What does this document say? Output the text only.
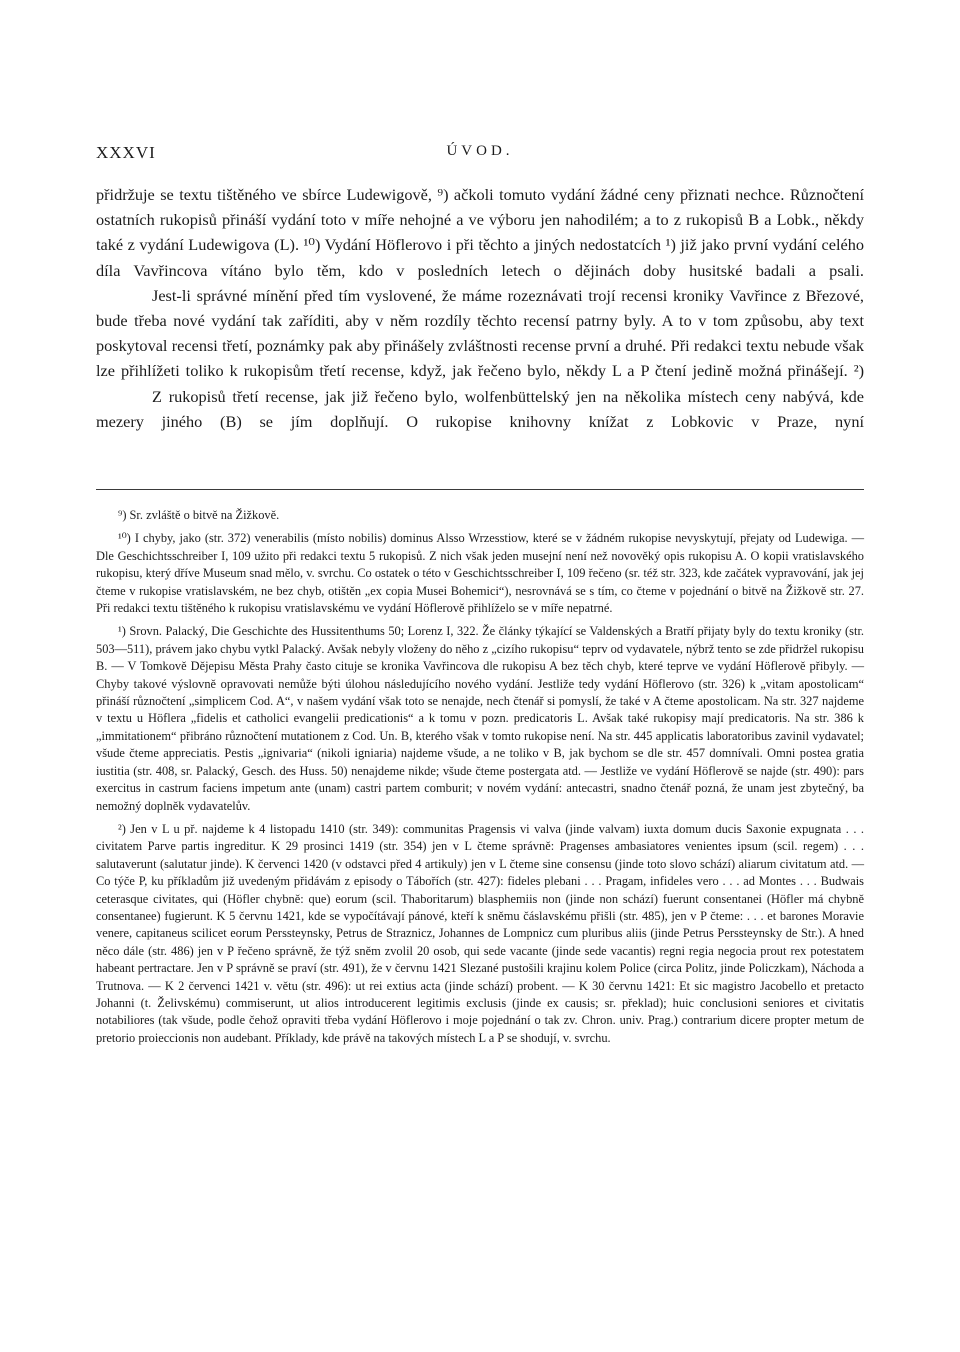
XXXVI	ÚVOD.

přidržuje se textu tištěného ve sbírce Ludewigově, ⁹) ačkoli tomuto vydání žádné ceny přiznati nechce. Různočtení ostatních rukopisů přináší vydání toto v míře nehojné a ve výboru jen nahodilém; a to z rukopisů B a Lobk., někdy také z vydání Ludewigova (L). ¹⁰) Vydání Höflerovo i při těchto a jiných nedostatcích ¹) již jako první vydání celého díla Vavřincova vítáno bylo těm, kdo v posledních letech o dějinách doby husitské badali a psali.

Jest-li správné mínění před tím vyslovené, že máme rozeznávati trojí recensi kroniky Vavřince z Březové, bude třeba nové vydání tak zaříditi, aby v něm rozdíly těchto recensí patrny byly. A to v tom způsobu, aby text poskytoval recensi třetí, poznámky pak aby přinášely zvláštnosti recense první a druhé. Při redakci textu nebude však lze přihlížeti toliko k rukopisům třetí recense, když, jak řečeno bylo, někdy L a P čtení jedině možná přinášejí. ²)

Z rukopisů třetí recense, jak již řečeno bylo, wolfenbüttelský jen na několika místech ceny nabývá, kde mezery jiného (B) se jím doplňují. O rukopise knihovny knížat z Lobkovic v Praze, nyní

⁹) Sr. zvláště o bitvě na Žižkově.

¹⁰) I chyby, jako (str. 372) venerabilis (místo nobilis) dominus Alsso Wrzesstiow, které se v žádném rukopise nevyskytují, přejaty od Ludewiga. — Dle Geschichtsschreiber I, 109 užito při redakci textu 5 rukopisů. Z nich však jeden musejní není než novověký opis rukopisu A. O kopii vratislavského rukopisu, který dříve Museum snad mělo, v. svrchu. Co ostatek o této v Geschichtsschreiber I, 109 řečeno (sr. též str. 323, kde začátek vypravování, jak jej čteme v rukopise vratislavském, ne bez chyb, otištěn „ex copia Musei Bohemici“), nesrovnává se s tím, co čteme v pojednání o bitvě na Žižkově str. 27. Při redakci textu tištěného k rukopisu vratislavskému ve vydání Höflerově přihlíželo se v míře nepatrné.

¹) Srovn. Palacký, Die Geschichte des Hussitenthums 50; Lorenz I, 322. Že články týkající se Valdenských a Bratří přijaty byly do textu kroniky (str. 503—511), právem jako chybu vytkl Palacký. Avšak nebyly vloženy do něho z „cizího rukopisu“ teprv od vydavatele, nýbrž tento se zde přidržel rukopisu B. — V Tomkově Dějepisu Města Prahy často cituje se kronika Vavřincova dle rukopisu A bez těch chyb, které teprve ve vydání Höflerově přibyly. — Chyby takové výslovně opravovati nemůže býti úlohou následujícího nového vydání. Jestliže tedy vydání Höflerovo (str. 326) k „vitam apostolicam“ přináší různočtení „simplicem Cod. A“, v našem vydání však toto se nenajde, nech čtenář si pomyslí, že také v A čteme apostolicam. Na str. 327 najdeme v textu u Höflera „fidelis et catholici evangelii predicationis“ a k tomu v pozn. predicatoris L. Avšak také rukopisy mají predicatoris. Na str. 386 k „immitationem“ přibráno různočtení mutationem z Cod. Un. B, kterého však v tomto rukopise není. Na str. 445 applicatis laboratoribus zavinil vydavatel; všude čteme appreciatis. Pestis „ignivaria“ (nikoli igniaria) najdeme všude, a ne toliko v B, jak bychom se dle str. 457 domnívali. Omni postea gratia iustitia (str. 408, sr. Palacký, Gesch. des Huss. 50) nenajdeme nikde; všude čteme postergata atd. — Jestliže ve vydání Höflerově se najde (str. 490): pars exercitus in castrum faciens impetum ante (unam) castri partem comburit; v novém vydání: antecastri, snadno čtenář pozná, že unam jest zbytečný, ba nemožný doplněk vydavatelův.

²) Jen v L u př. najdeme k 4 listopadu 1410 (str. 349): communitas Pragensis vi valva (jinde valvam) iuxta domum ducis Saxonie expugnata . . . civitatem Parve partis ingreditur. K 29 prosinci 1419 (str. 354) jen v L čteme správně: Pragenses ambasiatores venientes ipsum (scil. regem) . . . salutaverunt (salutatur jinde). K červenci 1420 (v odstavci před 4 artikuly) jen v L čteme sine consensu (jinde toto slovo schází) aliarum civitatum atd. — Co týče P, ku příkladům již uvedeným přidávám z episody o Tábořích (str. 427): fideles plebani . . . Pragam, infideles vero . . . ad Montes . . . Budwais ceterasque civitates, qui (Höfler chybně: que) eorum (scil. Thaboritarum) blasphemiis non (jinde non schází) fuerunt consentanei (Höfler má chybně consentanee) fugierunt. K 5 červnu 1421, kde se vypočítávají pánové, kteří k sněmu čáslavskému přišli (str. 485), jen v P čteme: . . . et barones Moravie venere, capitaneus scilicet eorum Perssteynsky, Petrus de Straznicz, Johannes de Lompnicz cum pluribus aliis (jinde Petrus Perssteynsky de Str.). A hned něco dále (str. 486) jen v P řečeno správně, že týž sněm zvolil 20 osob, qui sede vacante (jinde sede vacantis) regni regia negocia prout rex potestatem habeant pertractare. Jen v P správně se praví (str. 491), že v červnu 1421 Slezané pustošili krajinu kolem Police (circa Politz, jinde Policzkam), Náchoda a Trutnova. — K 2 červenci 1421 v. větu (str. 496): ut rei extius acta (jinde schází) probent. — K 30 červnu 1421: Et sic magistro Jacobello et pretacto Johanni (t. Želivskému) commiserunt, ut alios introducerent legitimis exclusis (jinde ex causis; sr. překlad); huic conclusioni seniores et civitatis notabiliores (tak všude, podle čehož opraviti třeba vydání Höflerovo i moje pojednání o tak zv. Chron. univ. Prag.) contrarium dicere propter metum de pretorio proieccionis non audebant. Příklady, kde právě na takových místech L a P se shodují, v. svrchu.
